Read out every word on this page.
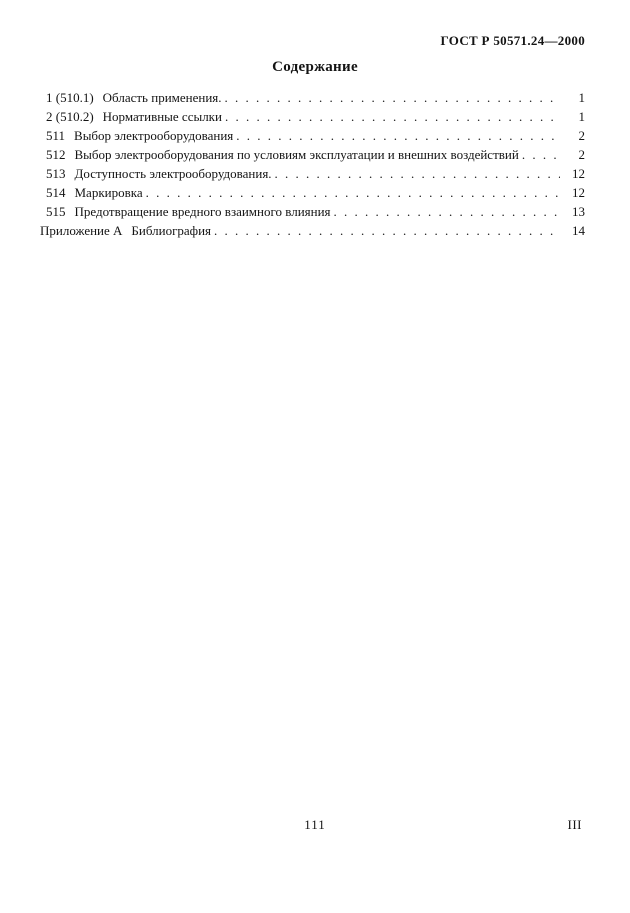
ГОСТ Р 50571.24—2000
Содержание
1 (510.1) Область применения. . . .	1
2 (510.2) Нормативные ссылки . . .	1
511 Выбор электрооборудования . . .	2
512 Выбор электрооборудования по условиям эксплуатации и внешних воздействий . . .	2
513 Доступность электрооборудования. . . .	12
514 Маркировка . . .	12
515 Предотвращение вредного взаимного влияния . . .	13
Приложение А Библиография . . .	14
111	III
